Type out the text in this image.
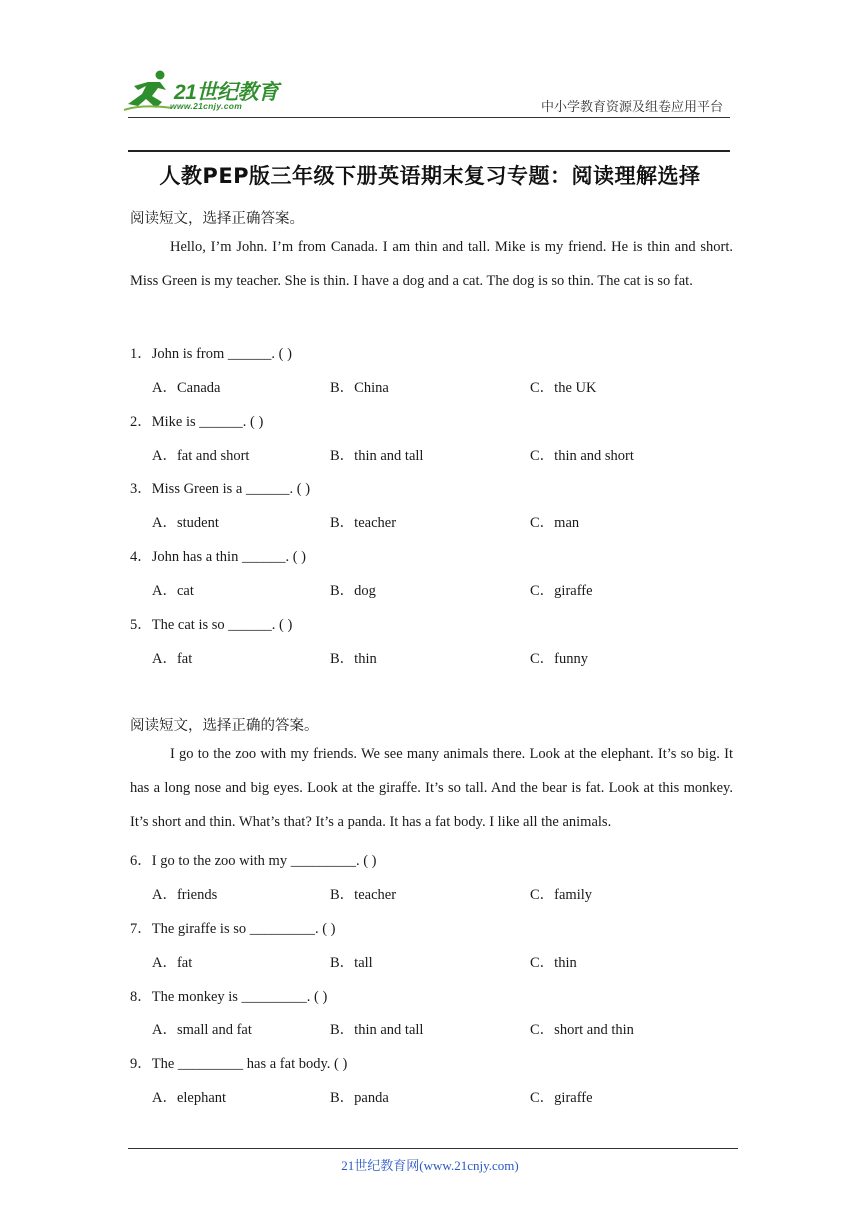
21世纪教育
www.21cnjy.com	中小学教育资源及组卷应用平台
人教PEP版三年级下册英语期末复习专题：阅读理解选择
阅读短文，选择正确答案。
Hello, I’m John. I’m from Canada. I am thin and tall. Mike is my friend. He is thin and short. Miss Green is my teacher. She is thin. I have a dog and a cat. The dog is so thin. The cat is so fat.
1．John is from ______. ( )
A．Canada	B．China	C．the UK
2．Mike is ______. ( )
A．fat and short	B．thin and tall	C．thin and short
3．Miss Green is a ______. ( )
A．student	B．teacher	C．man
4．John has a thin ______. ( )
A．cat	B．dog	C．giraffe
5．The cat is so ______. ( )
A．fat	B．thin	C．funny
阅读短文，选择正确的答案。
I go to the zoo with my friends. We see many animals there. Look at the elephant. It’s so big. It has a long nose and big eyes. Look at the giraffe. It’s so tall. And the bear is fat. Look at this monkey. It’s short and thin. What’s that? It’s a panda. It has a fat body. I like all the animals.
6．I go to the zoo with my _________. ( )
A．friends	B．teacher	C．family
7．The giraffe is so _________. ( )
A．fat	B．tall	C．thin
8．The monkey is _________. ( )
A．small and fat	B．thin and tall	C．short and thin
9．The _________ has a fat body. ( )
A．elephant	B．panda	C．giraffe
21世纪教育网(www.21cnjy.com)
